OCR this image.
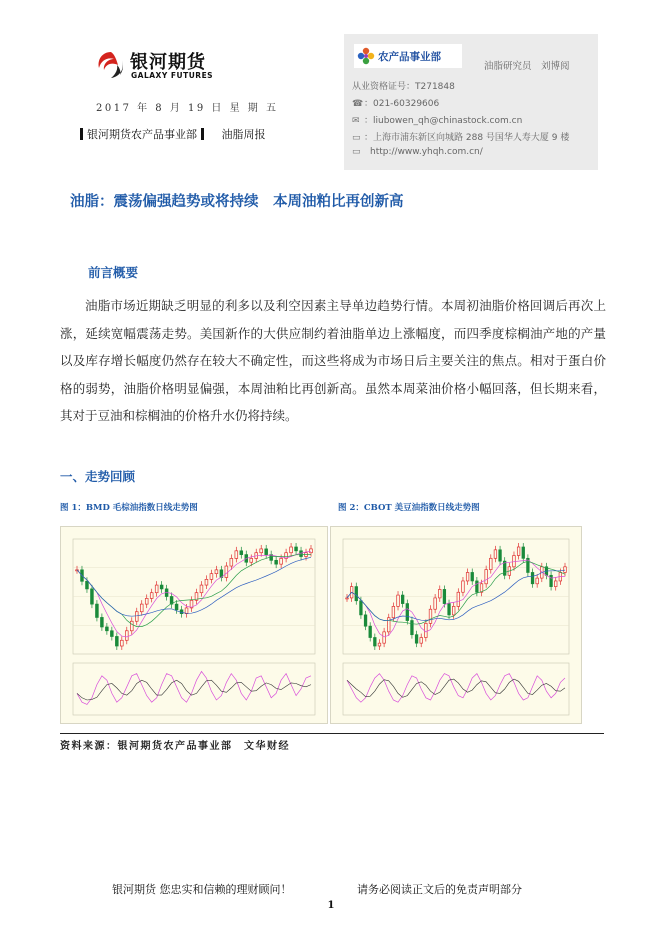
银河期货
GALAXY FUTURES
2017 年 8 月 19 日 星 期 五
银河期货农产品事业部 油脂周报
农产品事业部
油脂研究员　刘博阅
从业资格证号：T271848
☎：021-60329606
✉ ：liubowen_qh@chinastock.com.cn
▭ ：上海市浦东新区向城路 288 号国华人寿大厦 9 楼
▭ http://www.yhqh.com.cn/
油脂：震荡偏强趋势或将持续　本周油粕比再创新高
前言概要
油脂市场近期缺乏明显的利多以及利空因素主导单边趋势行情。本周初油脂价格回调后再次上涨，延续宽幅震荡走势。美国新作的大供应制约着油脂单边上涨幅度，而四季度棕榈油产地的产量以及库存增长幅度仍然存在较大不确定性，而这些将成为市场日后主要关注的焦点。相对于蛋白价格的弱势，油脂价格明显偏强，本周油粕比再创新高。虽然本周菜油价格小幅回落，但长期来看，其对于豆油和棕榈油的价格升水仍将持续。
一、走势回顾
图 1：BMD 毛棕油指数日线走势图	图 2：CBOT 美豆油指数日线走势图
资料来源：银河期货农产品事业部　文华财经
银河期货 您忠实和信赖的理财顾问！	请务必阅读正文后的免责声明部分
1
